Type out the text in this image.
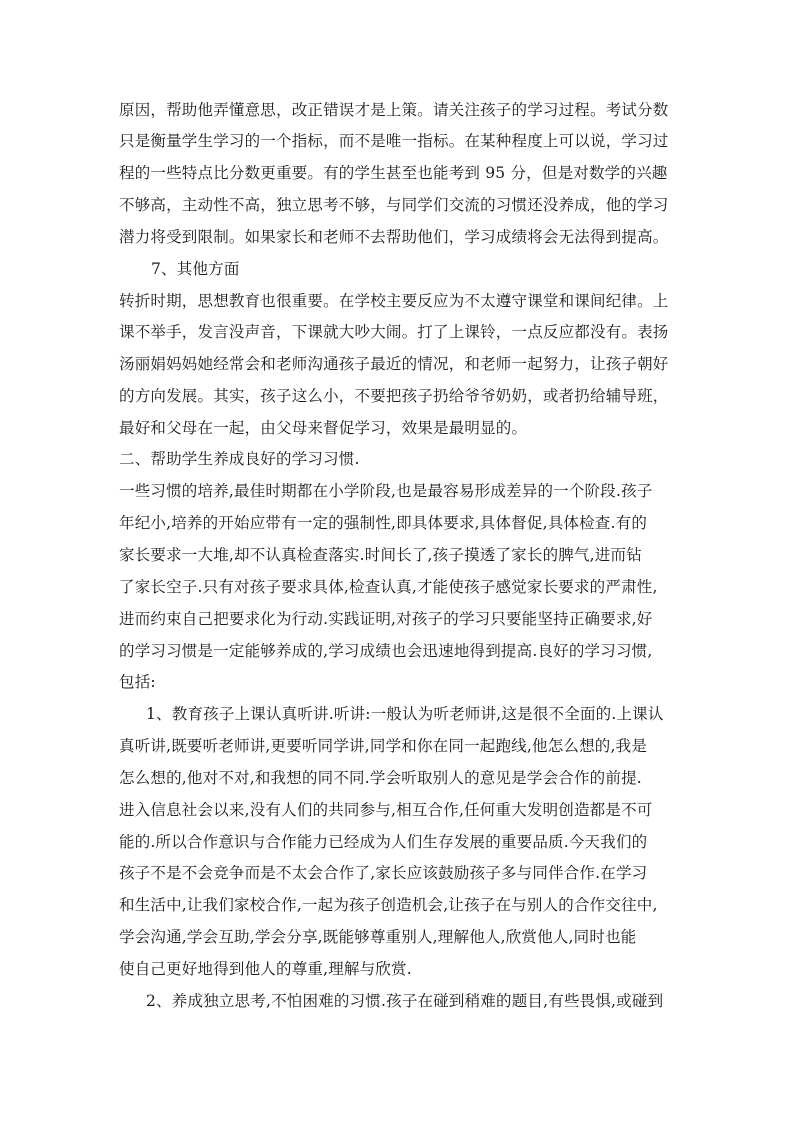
原因，帮助他弄懂意思，改正错误才是上策。请关注孩子的学习过程。考试分数
只是衡量学生学习的一个指标，而不是唯一指标。在某种程度上可以说，学习过
程的一些特点比分数更重要。有的学生甚至也能考到 95 分，但是对数学的兴趣
不够高，主动性不高，独立思考不够，与同学们交流的习惯还没养成，他的学习
潜力将受到限制。如果家长和老师不去帮助他们，学习成绩将会无法得到提高。
7、其他方面
转折时期，思想教育也很重要。在学校主要反应为不太遵守课堂和课间纪律。上
课不举手，发言没声音，下课就大吵大闹。打了上课铃，一点反应都没有。表扬
汤丽娟妈妈她经常会和老师沟通孩子最近的情况，和老师一起努力，让孩子朝好
的方向发展。其实，孩子这么小，不要把孩子扔给爷爷奶奶，或者扔给辅导班，
最好和父母在一起，由父母来督促学习，效果是最明显的。
二、帮助学生养成良好的学习习惯.
一些习惯的培养,最佳时期都在小学阶段,也是最容易形成差异的一个阶段.孩子
年纪小,培养的开始应带有一定的强制性,即具体要求,具体督促,具体检查.有的
家长要求一大堆,却不认真检查落实.时间长了,孩子摸透了家长的脾气,进而钻
了家长空子.只有对孩子要求具体,检查认真,才能使孩子感觉家长要求的严肃性,
进而约束自己把要求化为行动.实践证明,对孩子的学习只要能坚持正确要求,好
的学习习惯是一定能够养成的,学习成绩也会迅速地得到提高.良好的学习习惯,
包括:
1、教育孩子上课认真听讲.听讲:一般认为听老师讲,这是很不全面的.上课认
真听讲,既要听老师讲,更要听同学讲,同学和你在同一起跑线,他怎么想的,我是
怎么想的,他对不对,和我想的同不同.学会听取别人的意见是学会合作的前提.
进入信息社会以来,没有人们的共同参与,相互合作,任何重大发明创造都是不可
能的.所以合作意识与合作能力已经成为人们生存发展的重要品质.今天我们的
孩子不是不会竞争而是不太会合作了,家长应该鼓励孩子多与同伴合作.在学习
和生活中,让我们家校合作,一起为孩子创造机会,让孩子在与别人的合作交往中,
学会沟通,学会互助,学会分享,既能够尊重别人,理解他人,欣赏他人,同时也能
使自己更好地得到他人的尊重,理解与欣赏.
2、养成独立思考,不怕困难的习惯.孩子在碰到稍难的题目,有些畏惧,或碰到
